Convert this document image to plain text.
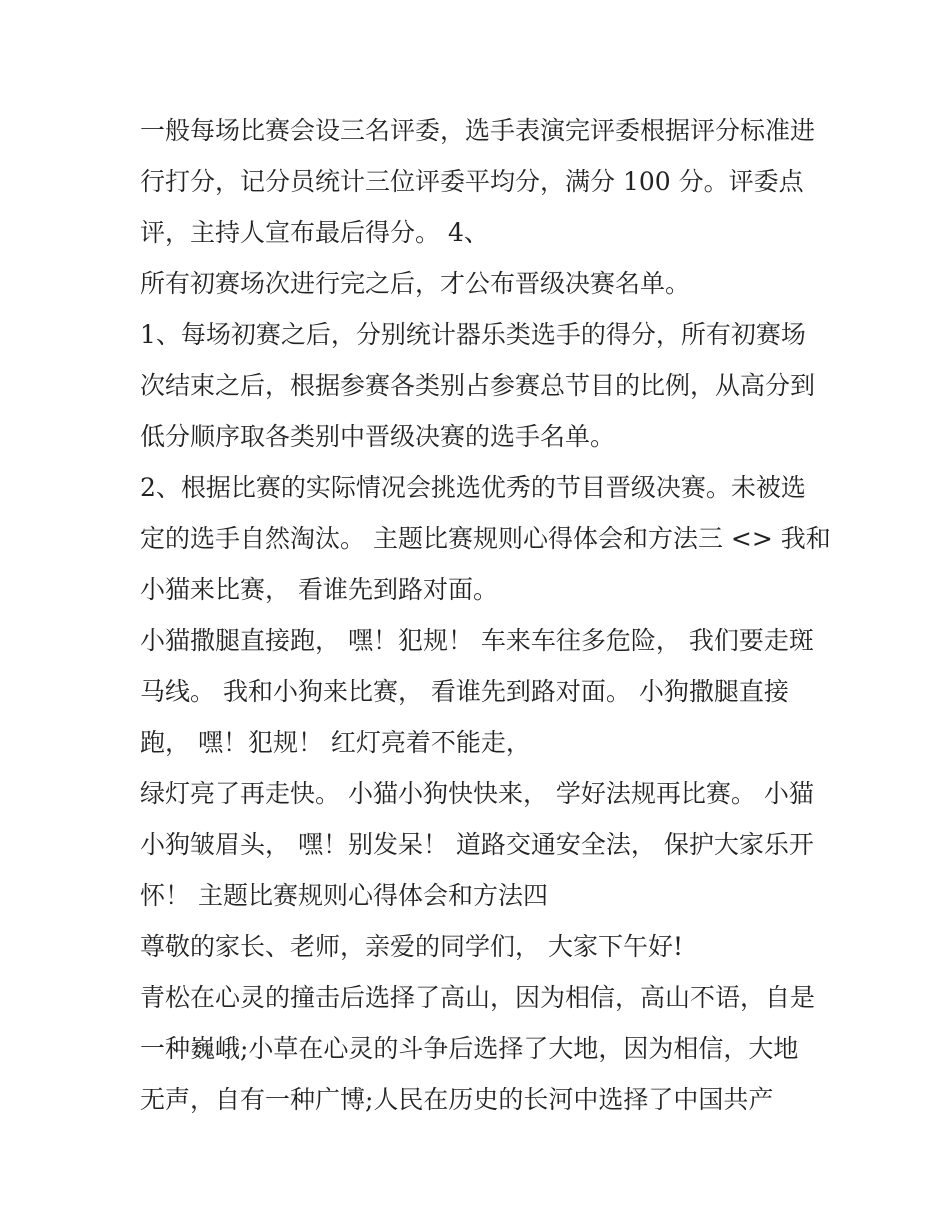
一般每场比赛会设三名评委，选手表演完评委根据评分标准进
行打分，记分员统计三位评委平均分，满分 100 分。评委点
评，主持人宣布最后得分。 4、
所有初赛场次进行完之后，才公布晋级决赛名单。
1、每场初赛之后，分别统计器乐类选手的得分，所有初赛场
次结束之后，根据参赛各类别占参赛总节目的比例，从高分到
低分顺序取各类别中晋级决赛的选手名单。
2、根据比赛的实际情况会挑选优秀的节目晋级决赛。未被选
定的选手自然淘汰。 主题比赛规则心得体会和方法三 <> 我和
小猫来比赛， 看谁先到路对面。
小猫撒腿直接跑， 嘿！犯规！ 车来车往多危险， 我们要走斑
马线。 我和小狗来比赛， 看谁先到路对面。 小狗撒腿直接
跑， 嘿！犯规！ 红灯亮着不能走，
绿灯亮了再走快。 小猫小狗快快来， 学好法规再比赛。 小猫
小狗皱眉头， 嘿！别发呆！ 道路交通安全法， 保护大家乐开
怀！ 主题比赛规则心得体会和方法四
尊敬的家长、老师，亲爱的同学们， 大家下午好!
青松在心灵的撞击后选择了高山，因为相信，高山不语，自是
一种巍峨;小草在心灵的斗争后选择了大地，因为相信，大地
无声，自有一种广博;人民在历史的长河中选择了中国共产
